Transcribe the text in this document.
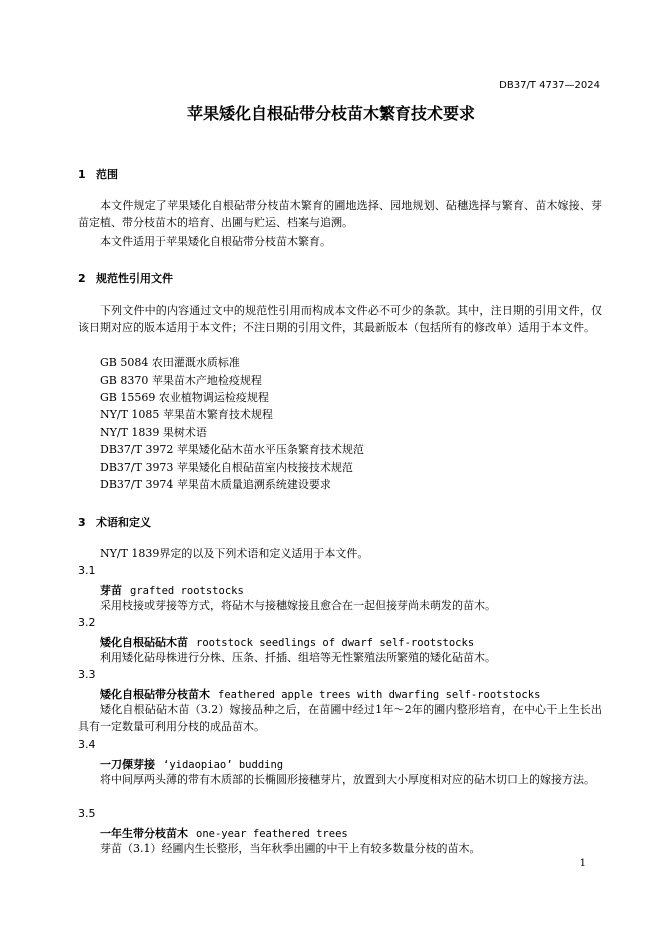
DB37/T 4737—2024
苹果矮化自根砧带分枝苗木繁育技术要求
1 范围
本文件规定了苹果矮化自根砧带分枝苗木繁育的圃地选择、园地规划、砧穗选择与繁育、苗木嫁接、芽苗定植、带分枝苗木的培育、出圃与贮运、档案与追溯。
本文件适用于苹果矮化自根砧带分枝苗木繁育。
2 规范性引用文件
下列文件中的内容通过文中的规范性引用而构成本文件必不可少的条款。其中，注日期的引用文件，仅该日期对应的版本适用于本文件；不注日期的引用文件，其最新版本（包括所有的修改单）适用于本文件。
GB 5084 农田灌溉水质标准
GB 8370 苹果苗木产地检疫规程
GB 15569 农业植物调运检疫规程
NY/T 1085 苹果苗木繁育技术规程
NY/T 1839 果树术语
DB37/T 3972 苹果矮化砧木苗水平压条繁育技术规范
DB37/T 3973 苹果矮化自根砧苗室内枝接技术规范
DB37/T 3974 苹果苗木质量追溯系统建设要求
3 术语和定义
NY/T 1839界定的以及下列术语和定义适用于本文件。
3.1
芽苗 grafted rootstocks
采用枝接或芽接等方式，将砧木与接穗嫁接且愈合在一起但接芽尚未萌发的苗木。
3.2
矮化自根砧砧木苗 rootstock seedlings of dwarf self-rootstocks
利用矮化砧母株进行分株、压条、扦插、组培等无性繁殖法所繁殖的矮化砧苗木。
3.3
矮化自根砧带分枝苗木 feathered apple trees with dwarfing self-rootstocks
矮化自根砧砧木苗（3.2）嫁接品种之后，在苗圃中经过1年～2年的圃内整形培育，在中心干上生长出具有一定数量可利用分枝的成品苗木。
3.4
一刀傈芽接 ‘yidaopiao’ budding
将中间厚两头薄的带有木质部的长椭圆形接穗芽片，放置到大小厚度相对应的砧木切口上的嫁接方法。
3.5
一年生带分枝苗木 one-year feathered trees
芽苗（3.1）经圃内生长整形，当年秋季出圃的中干上有较多数量分枝的苗木。
1
